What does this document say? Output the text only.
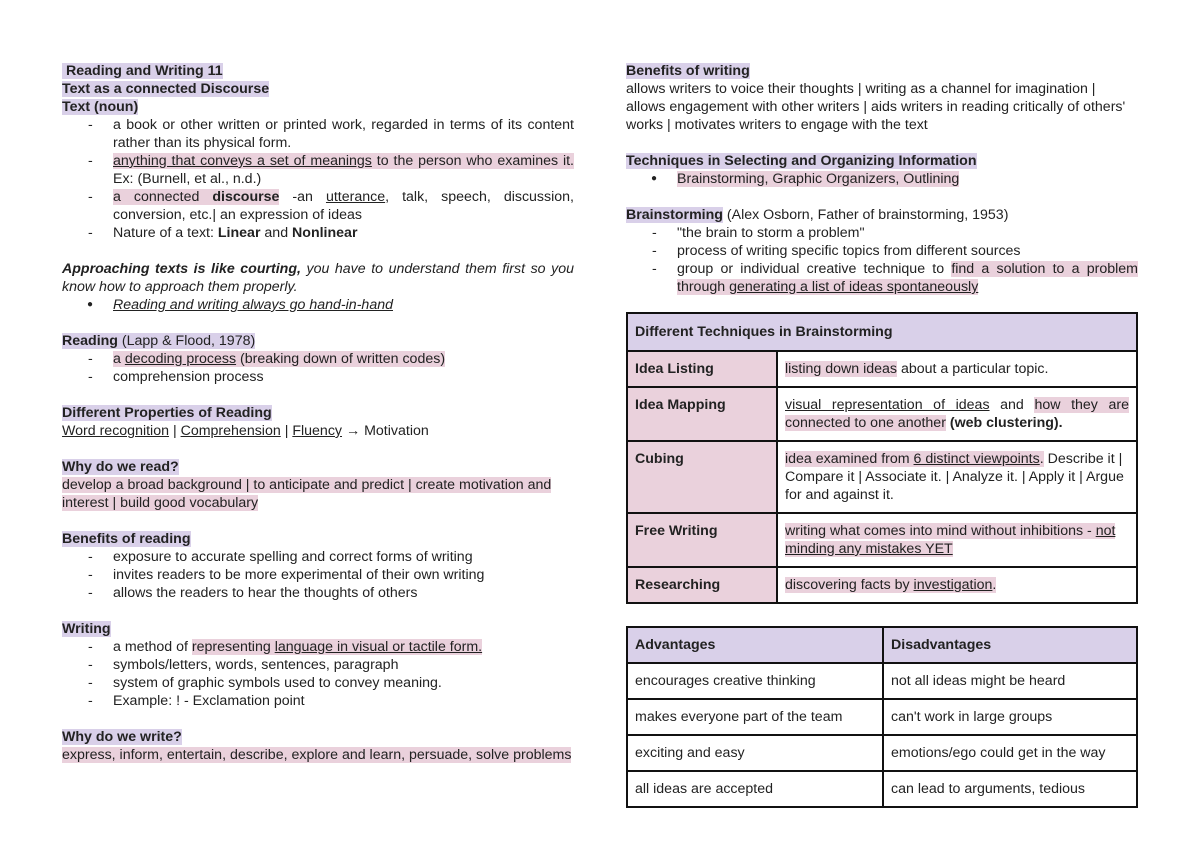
Reading and Writing 11

Text as a connected Discourse

Text (noun)

- a book or other written or printed work, regarded in terms of its content rather than its physical form.
- anything that conveys a set of meanings to the person who examines it. Ex: (Burnell, et al., n.d.)
- a connected discourse -an utterance, talk, speech, discussion, conversion, etc.| an expression of ideas
- Nature of a text: Linear and Nonlinear

Approaching texts is like courting, you have to understand them first so you know how to approach them properly.

● Reading and writing always go hand-in-hand

Reading (Lapp & Flood, 1978)

- a decoding process (breaking down of written codes)
- comprehension process

Different Properties of Reading

Word recognition | Comprehension | Fluency → Motivation

Why do we read?

develop a broad background | to anticipate and predict | create motivation and interest | build good vocabulary

Benefits of reading

- exposure to accurate spelling and correct forms of writing
- invites readers to be more experimental of their own writing
- allows the readers to hear the thoughts of others

Writing

- a method of representing language in visual or tactile form.
- symbols/letters, words, sentences, paragraph
- system of graphic symbols used to convey meaning.
- Example: ! - Exclamation point

Why do we write?

express, inform, entertain, describe, explore and learn, persuade, solve problems

Benefits of writing

allows writers to voice their thoughts | writing as a channel for imagination | allows engagement with other writers | aids writers in reading critically of others' works | motivates writers to engage with the text

Techniques in Selecting and Organizing Information

● Brainstorming, Graphic Organizers, Outlining

Brainstorming (Alex Osborn, Father of brainstorming, 1953)

- "the brain to storm a problem"
- process of writing specific topics from different sources
- group or individual creative technique to find a solution to a problem through generating a list of ideas spontaneously
Different Techniques in Brainstorming	
Idea Listing	listing down ideas about a particular topic.
Idea Mapping	visual representation of ideas and how they are connected to one another (web clustering).
Cubing	idea examined from 6 distinct viewpoints. Describe it | Compare it | Associate it. | Analyze it. | Apply it | Argue for and against it.
Free Writing	writing what comes into mind without inhibitions - not minding any mistakes YET
Researching	discovering facts by investigation.
Advantages	Disadvantages
encourages creative thinking	not all ideas might be heard
makes everyone part of the team	can't work in large groups
exciting and easy	emotions/ego could get in the way
all ideas are accepted	can lead to arguments, tedious
